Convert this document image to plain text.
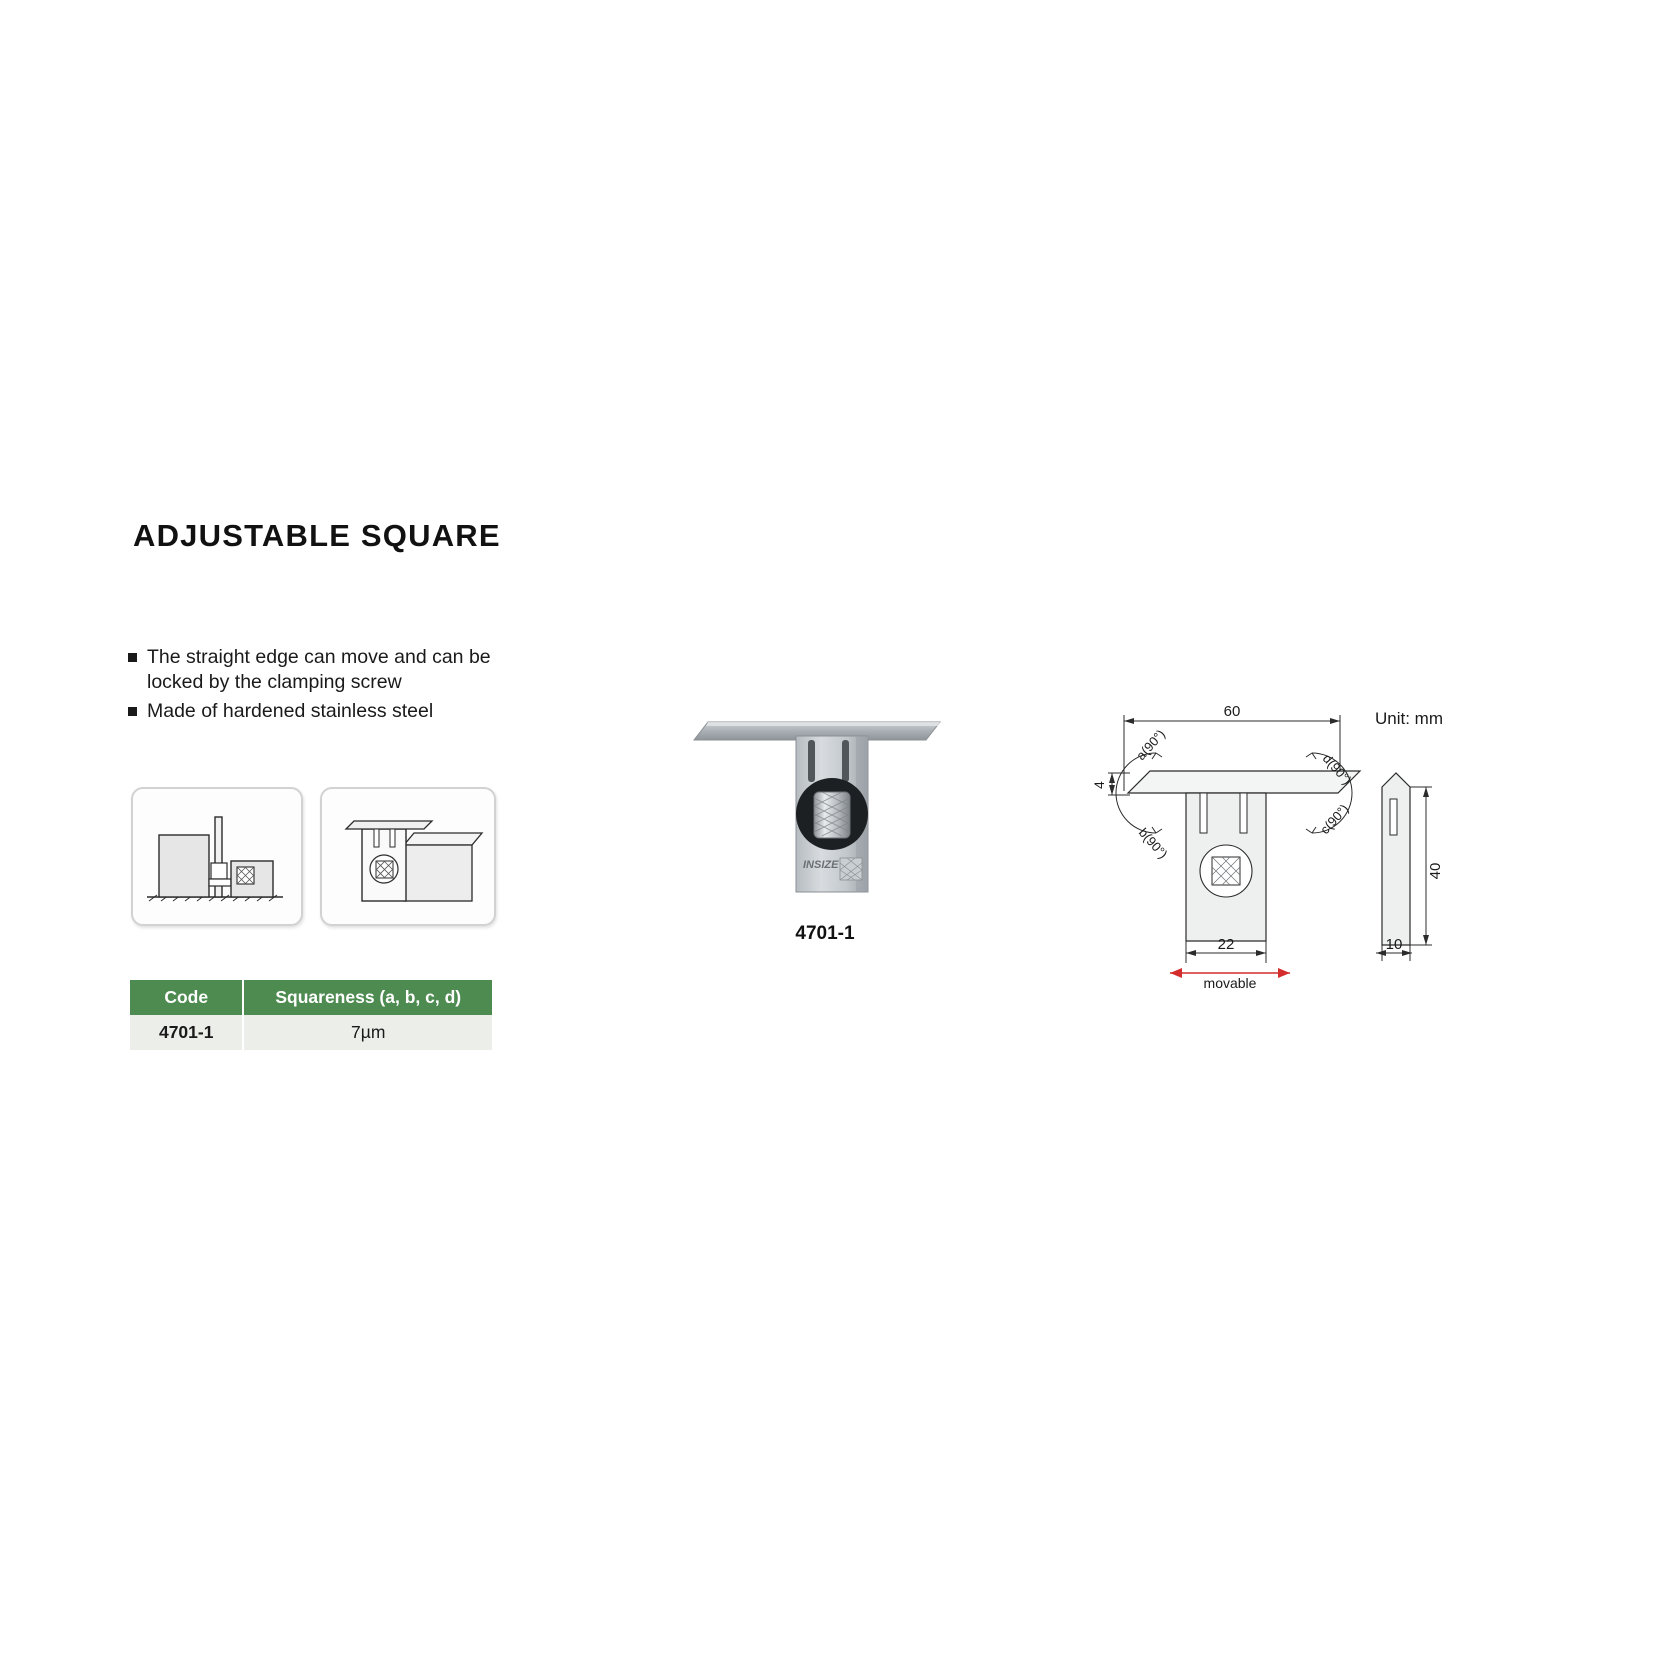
ADJUSTABLE SQUARE
The straight edge can move and can be locked by the clamping screw
Made of hardened stainless steel
INSIZE
4701-1
60
4
22
movable
40
10
a(90°)
b(90°)
c(90°)
d(90°)
Unit: mm
Code	Squareness (a, b, c, d)
4701-1	7µm
